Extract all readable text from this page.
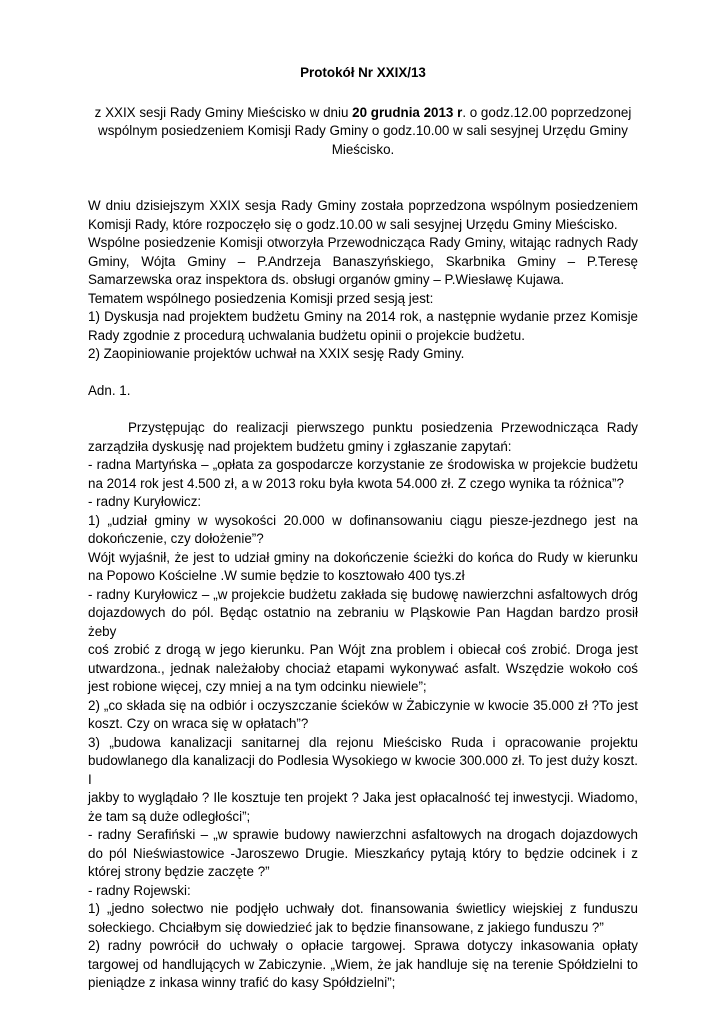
Protokół Nr XXIX/13

z XXIX sesji Rady Gminy Mieścisko w dniu 20 grudnia 2013 r. o godz.12.00 poprzedzonej

wspólnym posiedzeniem Komisji Rady Gminy o godz.10.00 w sali sesyjnej Urzędu Gminy

Mieścisko.

W dniu dzisiejszym XXIX sesja Rady Gminy została poprzedzona wspólnym posiedzeniem

Komisji Rady, które rozpoczęło się o godz.10.00 w sali sesyjnej Urzędu Gminy Mieścisko.

Wspólne posiedzenie Komisji otworzyła Przewodnicząca Rady Gminy, witając radnych Rady

Gminy, Wójta Gminy – P.Andrzeja Banaszyńskiego, Skarbnika Gminy – P.Teresę

Samarzewska oraz inspektora ds. obsługi organów gminy – P.Wiesławę Kujawa.

Tematem wspólnego posiedzenia Komisji przed sesją jest:

1) Dyskusja nad projektem budżetu Gminy na 2014 rok, a następnie wydanie przez Komisje

Rady zgodnie z procedurą uchwalania budżetu opinii o projekcie budżetu.

2) Zaopiniowanie projektów uchwał na XXIX sesję Rady Gminy.

Adn. 1.

Przystępując do realizacji pierwszego punktu posiedzenia Przewodnicząca Rady

zarządziła dyskusję nad projektem budżetu gminy i zgłaszanie zapytań:

- radna Martyńska – „opłata za gospodarcze korzystanie ze środowiska w projekcie budżetu

na 2014 rok jest 4.500 zł, a w 2013 roku była kwota 54.000 zł. Z czego wynika ta różnica”?

- radny Kuryłowicz:

1) „udział gminy w wysokości 20.000 w dofinansowaniu ciągu piesze-jezdnego jest na

dokończenie, czy dołożenie”?

Wójt wyjaśnił, że jest to udział gminy na dokończenie ścieżki do końca do Rudy w kierunku

na Popowo Kościelne .W sumie będzie to kosztowało 400 tys.zł

- radny Kuryłowicz – „w projekcie budżetu zakłada się budowę nawierzchni asfaltowych dróg

dojazdowych do pól. Będąc ostatnio na zebraniu w Pląskowie Pan Hagdan bardzo prosił żeby

coś zrobić z drogą w jego kierunku. Pan Wójt zna problem i obiecał coś zrobić. Droga jest

utwardzona., jednak należałoby chociaż etapami wykonywać asfalt. Wszędzie wokoło coś

jest robione więcej, czy mniej a na tym odcinku niewiele”;

2) „co składa się na odbiór i oczyszczanie ścieków w Żabiczynie w kwocie 35.000 zł ?To jest

koszt. Czy on wraca się w opłatach”?

3) „budowa kanalizacji sanitarnej dla rejonu Mieścisko Ruda i opracowanie projektu

budowlanego dla kanalizacji do Podlesia Wysokiego w kwocie 300.000 zł. To jest duży koszt. I

jakby to wyglądało ? Ile kosztuje ten projekt ? Jaka jest opłacalność tej inwestycji. Wiadomo,

że tam są duże odległości”;

- radny Serafiński – „w sprawie budowy nawierzchni asfaltowych na drogach dojazdowych

do pól Nieświastowice -Jaroszewo Drugie. Mieszkańcy pytają który to będzie odcinek i z

której strony będzie zaczęte ?”

- radny Rojewski:

1) „jedno sołectwo nie podjęło uchwały dot. finansowania świetlicy wiejskiej z funduszu

sołeckiego. Chciałbym się dowiedzieć jak to będzie finansowane, z jakiego funduszu ?”

2) radny powrócił do uchwały o opłacie targowej. Sprawa dotyczy inkasowania opłaty

targowej od handlujących w Zabiczynie. „Wiem, że jak handluje się na terenie Spółdzielni to

pieniądze z inkasa winny trafić do kasy Spółdzielni”;
